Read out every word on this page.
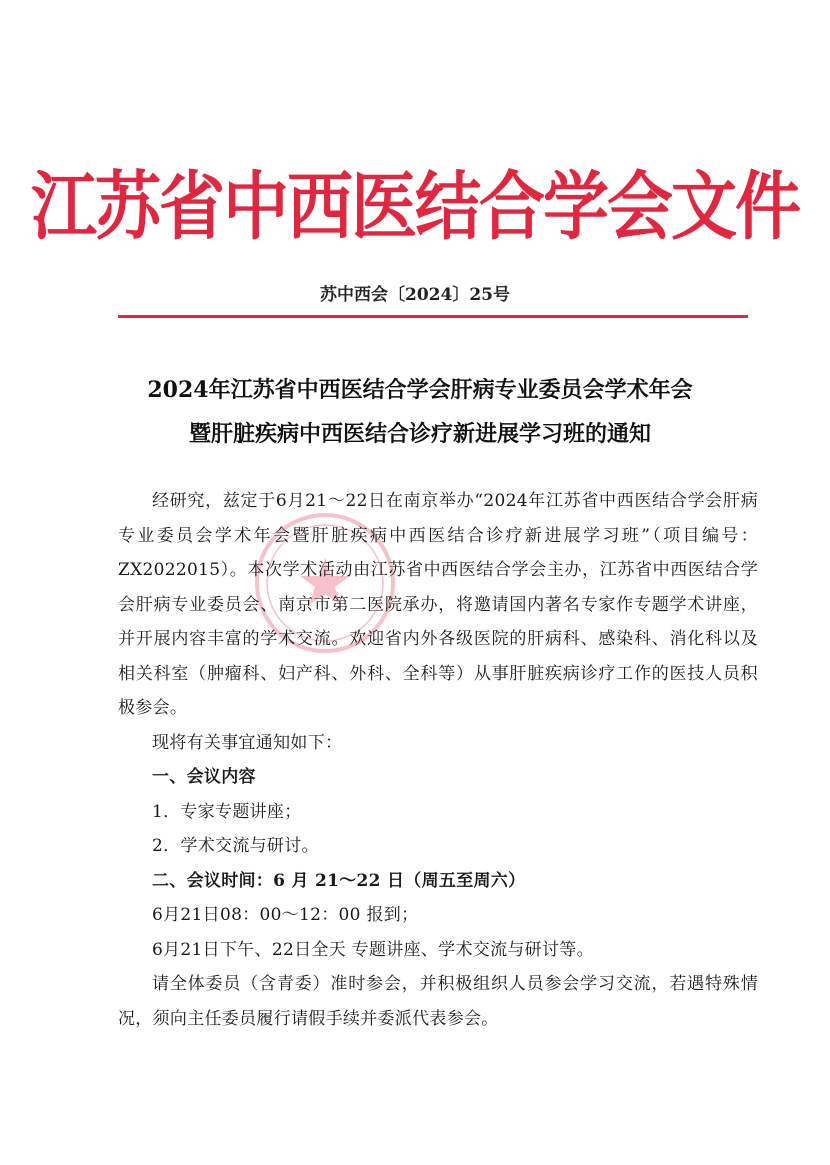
江苏省中西医结合学会文件
苏中西会〔2024〕25号
2024年江苏省中西医结合学会肝病专业委员会学术年会
暨肝脏疾病中西医结合诊疗新进展学习班的通知

经研究，兹定于6月21～22日在南京举办“2024年江苏省中西医结合学会肝病专业委员会学术年会暨肝脏疾病中西医结合诊疗新进展学习班”（项目编号：ZX2022015）。本次学术活动由江苏省中西医结合学会主办，江苏省中西医结合学会肝病专业委员会、南京市第二医院承办，将邀请国内著名专家作专题学术讲座，并开展内容丰富的学术交流。欢迎省内外各级医院的肝病科、感染科、消化科以及相关科室（肿瘤科、妇产科、外科、全科等）从事肝脏疾病诊疗工作的医技人员积极参会。

现将有关事宜通知如下：

一、会议内容

1．专家专题讲座；

2．学术交流与研讨。

二、会议时间：6 月 21～22 日（周五至周六）

6月21日08：00～12：00 报到；

6月21日下午、22日全天 专题讲座、学术交流与研讨等。

请全体委员（含青委）准时参会，并积极组织人员参会学习交流，若遇特殊情况，须向主任委员履行请假手续并委派代表参会。
